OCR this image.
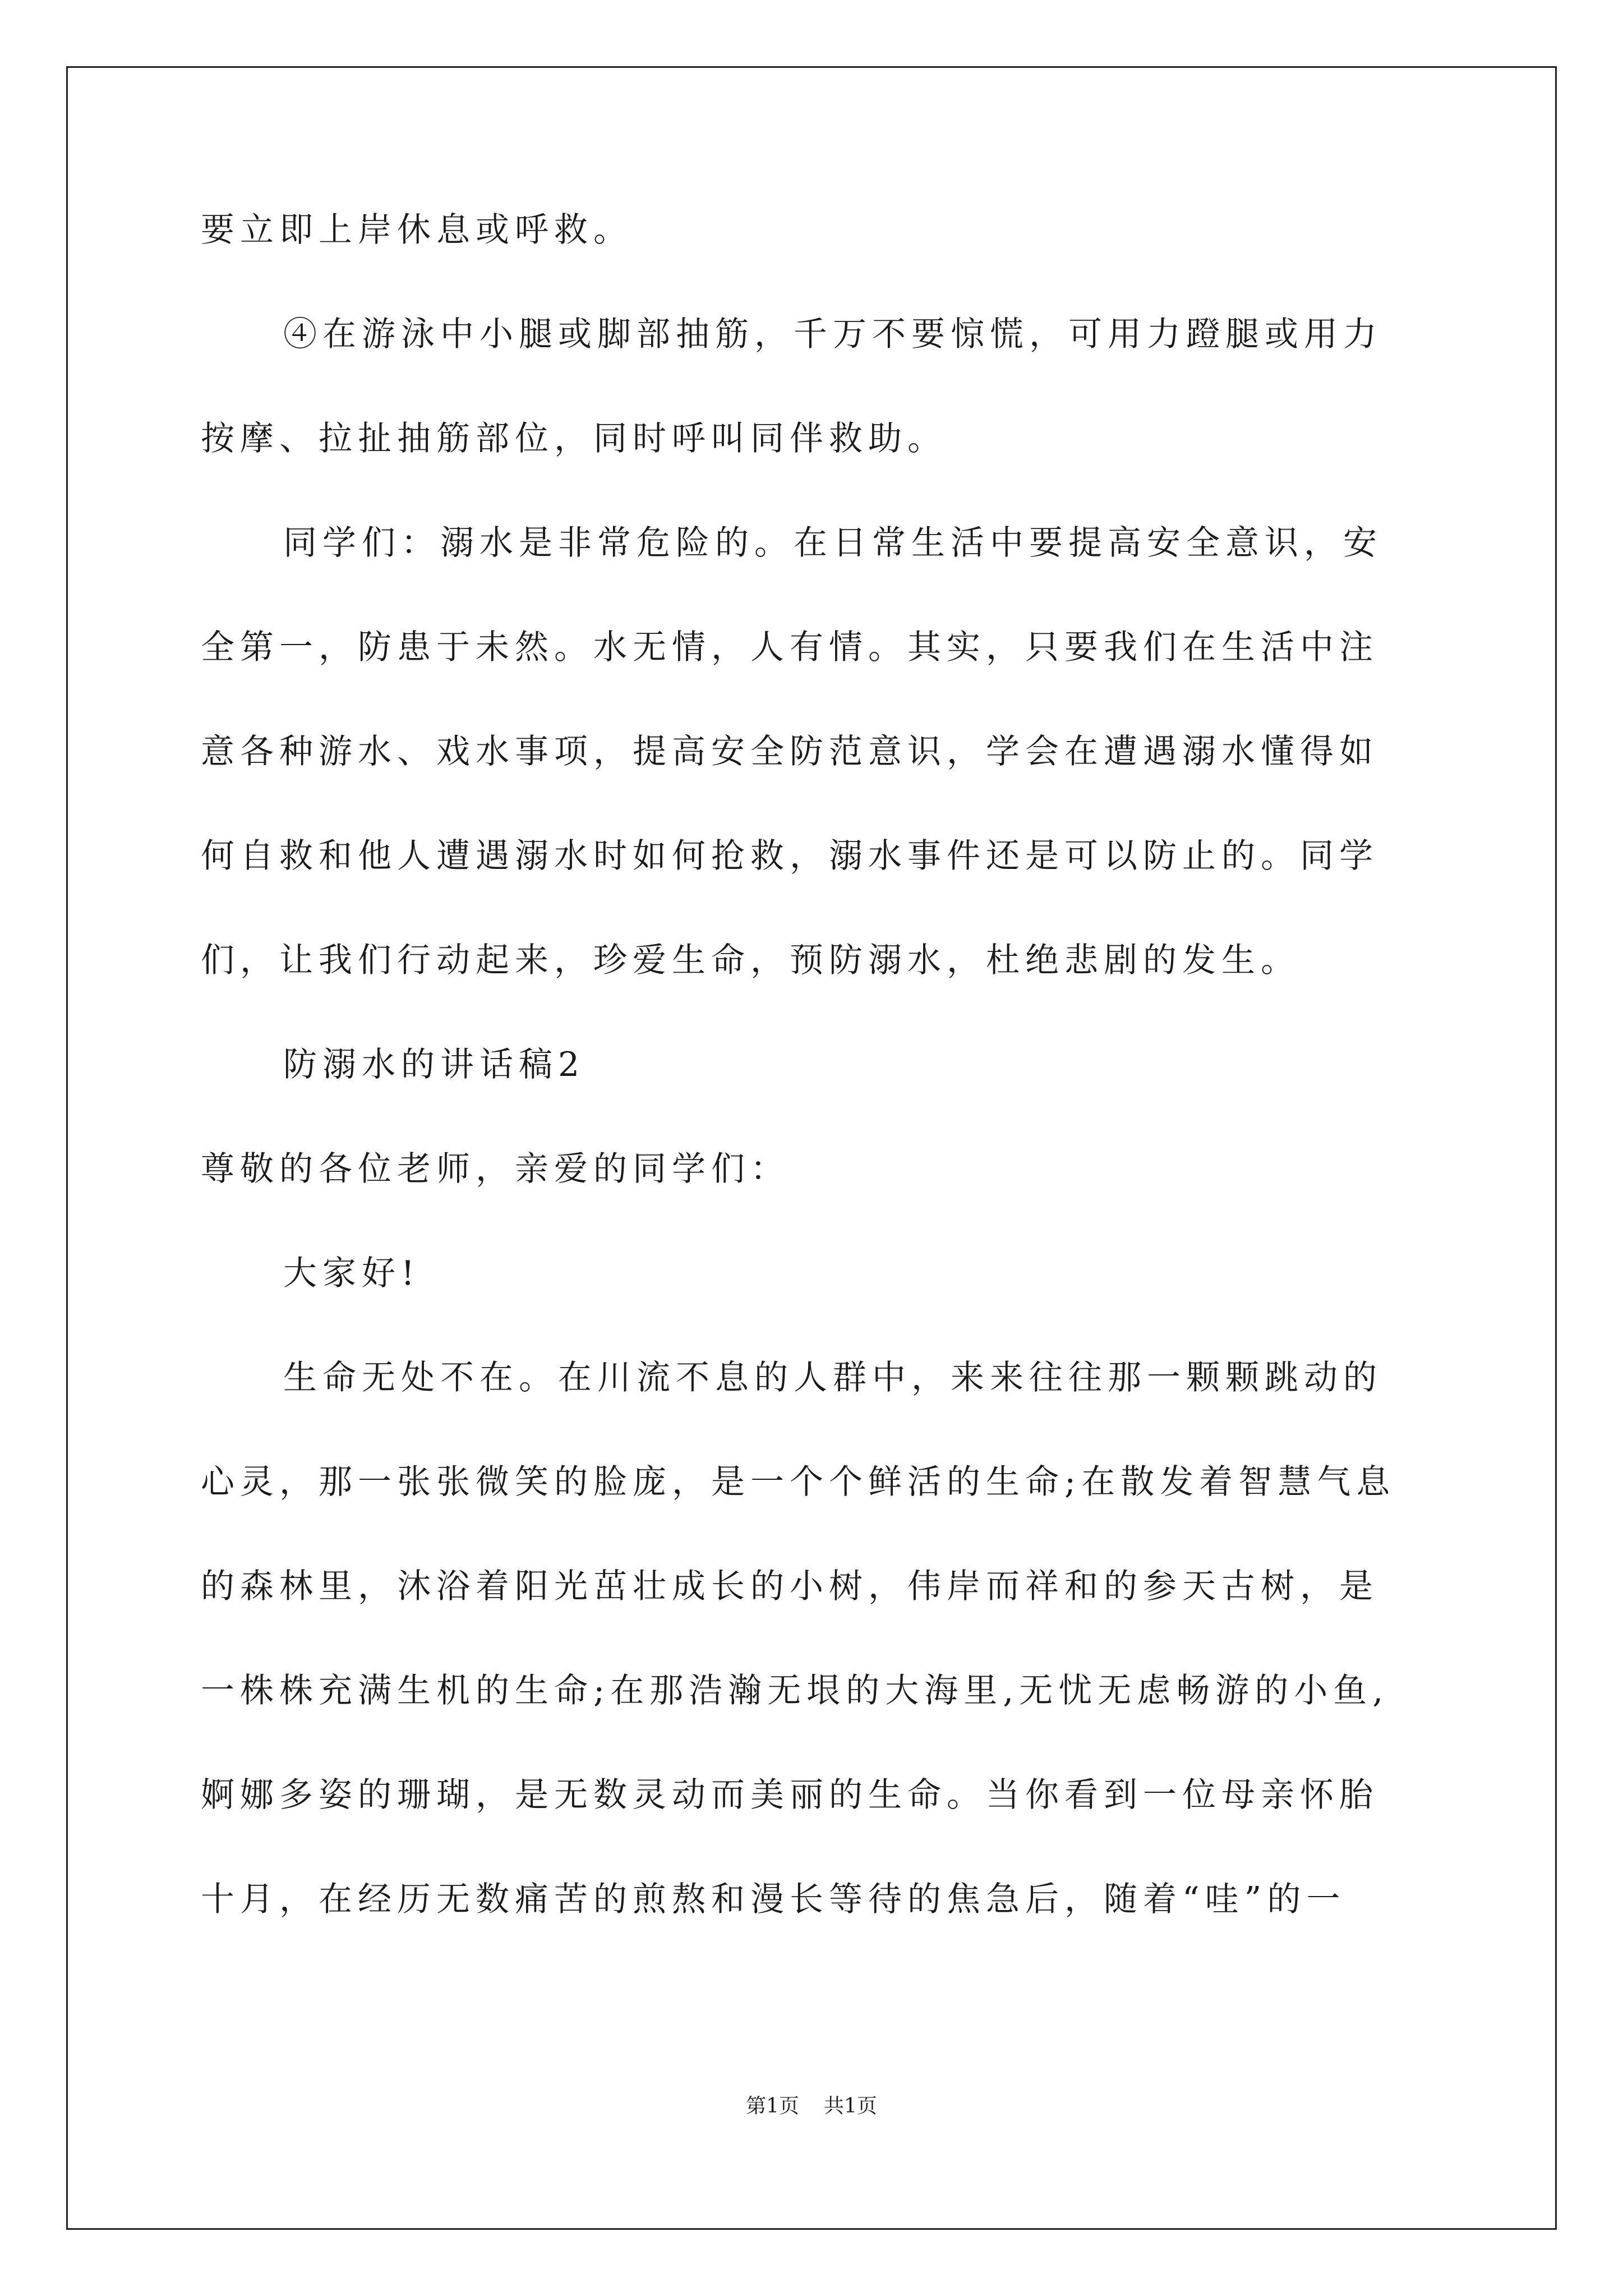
要立即上岸休息或呼救。
④在游泳中小腿或脚部抽筋，千万不要惊慌，可用力蹬腿或用力
按摩、拉扯抽筋部位，同时呼叫同伴救助。
同学们：溺水是非常危险的。在日常生活中要提高安全意识，安
全第一，防患于未然。水无情，人有情。其实，只要我们在生活中注
意各种游水、戏水事项，提高安全防范意识，学会在遭遇溺水懂得如
何自救和他人遭遇溺水时如何抢救，溺水事件还是可以防止的。同学
们，让我们行动起来，珍爱生命，预防溺水，杜绝悲剧的发生。
防溺水的讲话稿2
尊敬的各位老师，亲爱的同学们：
大家好!
生命无处不在。在川流不息的人群中，来来往往那一颗颗跳动的
心灵，那一张张微笑的脸庞，是一个个鲜活的生命;在散发着智慧气息
的森林里，沐浴着阳光茁壮成长的小树，伟岸而祥和的参天古树，是
一株株充满生机的生命;在那浩瀚无垠的大海里,无忧无虑畅游的小鱼,
婀娜多姿的珊瑚，是无数灵动而美丽的生命。当你看到一位母亲怀胎
十月，在经历无数痛苦的煎熬和漫长等待的焦急后，随着“哇”的一
第1页 共1页
